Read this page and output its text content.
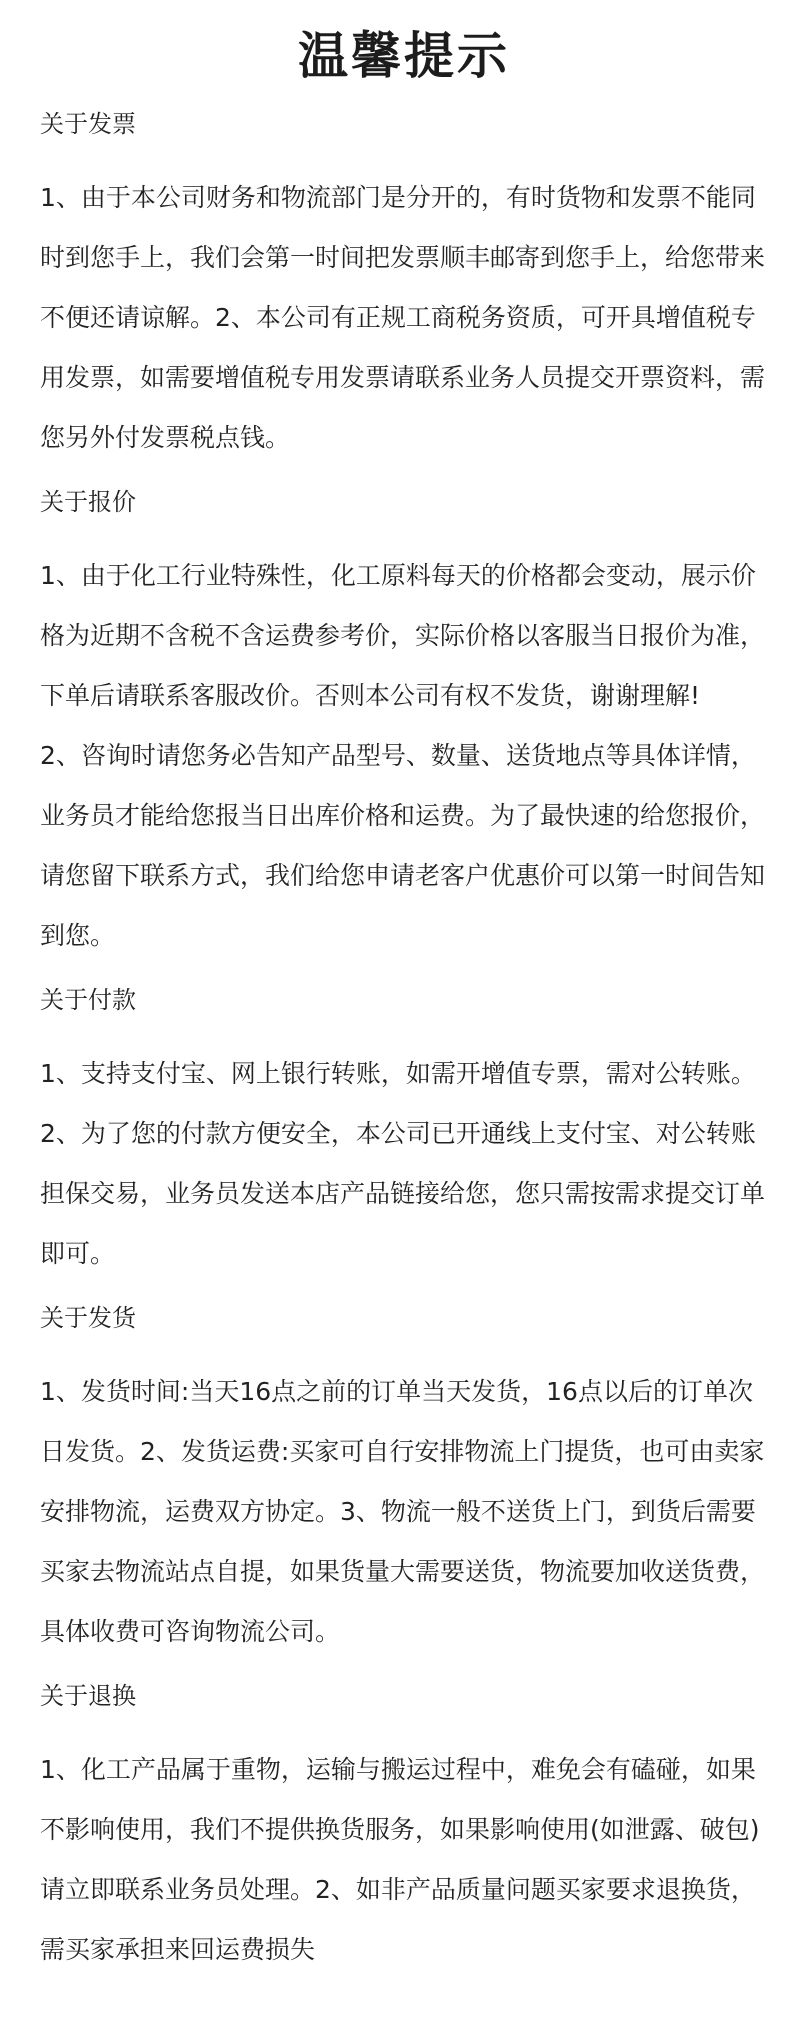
温馨提示
关于发票

1、由于本公司财务和物流部门是分开的，有时货物和发票不能同时到您手上，我们会第一时间把发票顺丰邮寄到您手上，给您带来不便还请谅解。2、本公司有正规工商税务资质，可开具增值税专用发票，如需要增值税专用发票请联系业务人员提交开票资料，需您另外付发票税点钱。

关于报价

1、由于化工行业特殊性，化工原料每天的价格都会变动，展示价格为近期不含税不含运费参考价，实际价格以客服当日报价为准，下单后请联系客服改价。否则本公司有权不发货，谢谢理解!

2、咨询时请您务必告知产品型号、数量、送货地点等具体详情，业务员才能给您报当日出库价格和运费。为了最快速的给您报价，请您留下联系方式，我们给您申请老客户优惠价可以第一时间告知到您。

关于付款

1、支持支付宝、网上银行转账，如需开增值专票，需对公转账。2、为了您的付款方便安全，本公司已开通线上支付宝、对公转账担保交易，业务员发送本店产品链接给您，您只需按需求提交订单即可。

关于发货

1、发货时间:当天16点之前的订单当天发货，16点以后的订单次日发货。2、发货运费:买家可自行安排物流上门提货，也可由卖家安排物流，运费双方协定。3、物流一般不送货上门，到货后需要买家去物流站点自提，如果货量大需要送货，物流要加收送货费，具体收费可咨询物流公司。

关于退换

1、化工产品属于重物，运输与搬运过程中，难免会有磕碰，如果不影响使用，我们不提供换货服务，如果影响使用(如泄露、破包)请立即联系业务员处理。2、如非产品质量问题买家要求退换货，需买家承担来回运费损失
